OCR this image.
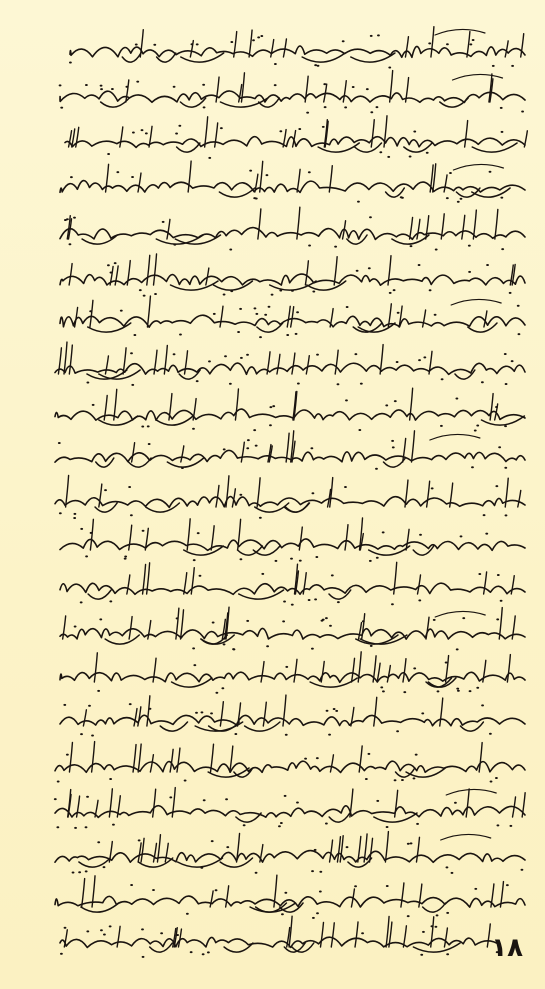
۱۸
